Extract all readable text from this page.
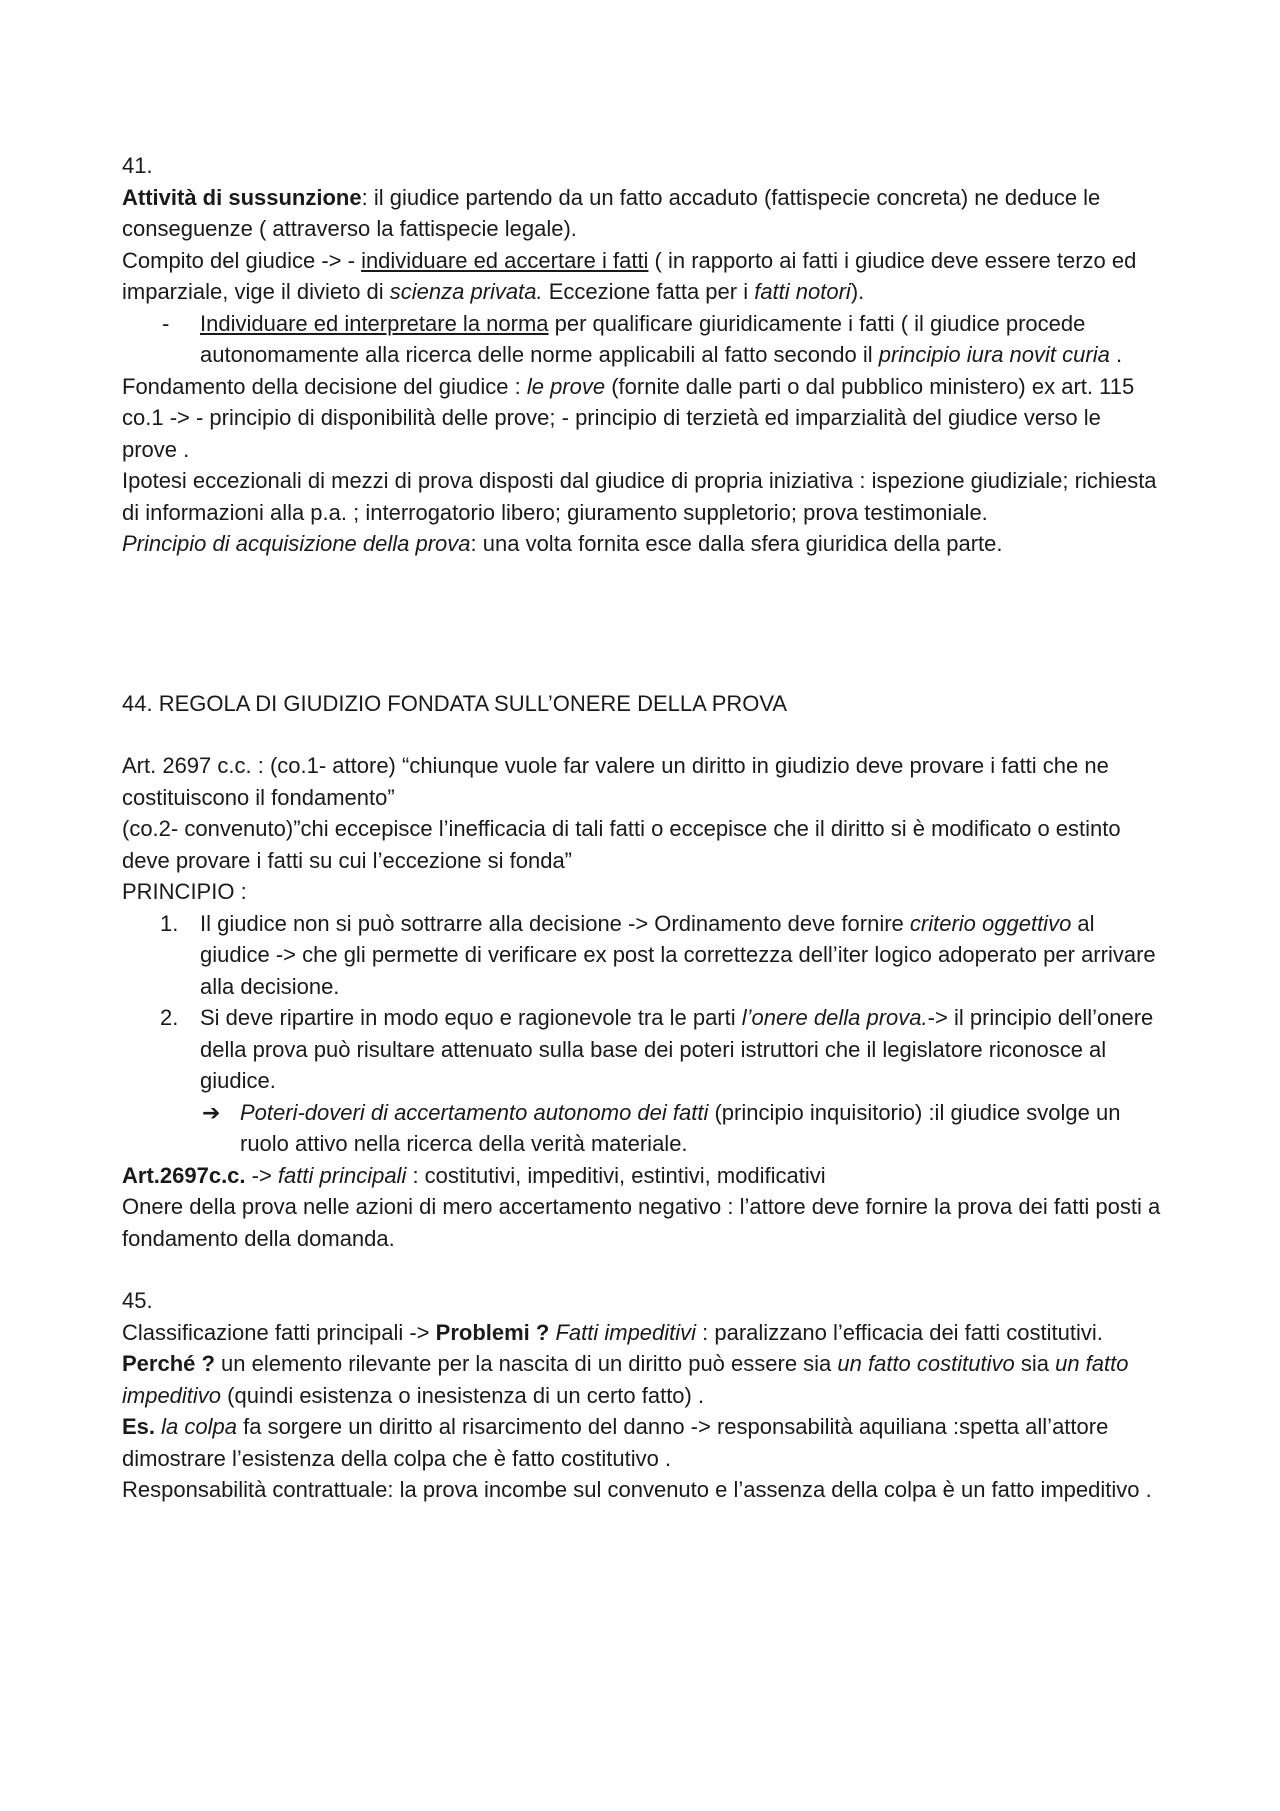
41.

Attività di sussunzione: il giudice partendo da un fatto accaduto (fattispecie concreta) ne deduce le conseguenze ( attraverso la fattispecie legale).

Compito del giudice -> - individuare ed accertare i fatti ( in rapporto ai fatti i giudice deve essere terzo ed imparziale, vige il divieto di scienza privata. Eccezione fatta per i fatti notori).

- Individuare ed interpretare la norma per qualificare giuridicamente i fatti ( il giudice procede autonomamente alla ricerca delle norme applicabili al fatto secondo il principio iura novit curia .

Fondamento della decisione del giudice : le prove (fornite dalle parti o dal pubblico ministero) ex art. 115 co.1 -> - principio di disponibilità delle prove; - principio di terzietà ed imparzialità del giudice verso le prove .

Ipotesi eccezionali di mezzi di prova disposti dal giudice di propria iniziativa : ispezione giudiziale; richiesta di informazioni alla p.a. ; interrogatorio libero; giuramento suppletorio; prova testimoniale.

Principio di acquisizione della prova: una volta fornita esce dalla sfera giuridica della parte.

44. REGOLA DI GIUDIZIO FONDATA SULL’ONERE DELLA PROVA

Art. 2697 c.c. : (co.1- attore) “chiunque vuole far valere un diritto in giudizio deve provare i fatti che ne costituiscono il fondamento”

(co.2- convenuto)”chi eccepisce l’inefficacia di tali fatti o eccepisce che il diritto si è modificato o estinto deve provare i fatti su cui l’eccezione si fonda”

PRINCIPIO :

1. Il giudice non si può sottrarre alla decisione -> Ordinamento deve fornire criterio oggettivo al giudice -> che gli permette di verificare ex post la correttezza dell’iter logico adoperato per arrivare alla decisione.

2. Si deve ripartire in modo equo e ragionevole tra le parti l’onere della prova.-> il principio dell’onere della prova può risultare attenuato sulla base dei poteri istruttori che il legislatore riconosce al giudice.

➔ Poteri-doveri di accertamento autonomo dei fatti (principio inquisitorio) :il giudice svolge un ruolo attivo nella ricerca della verità materiale.

Art.2697c.c. -> fatti principali : costitutivi, impeditivi, estintivi, modificativi

Onere della prova nelle azioni di mero accertamento negativo : l’attore deve fornire la prova dei fatti posti a fondamento della domanda.

45.

Classificazione fatti principali -> Problemi ? Fatti impeditivi : paralizzano l’efficacia dei fatti costitutivi.

Perché ? un elemento rilevante per la nascita di un diritto può essere sia un fatto costitutivo sia un fatto impeditivo (quindi esistenza o inesistenza di un certo fatto) .

Es. la colpa fa sorgere un diritto al risarcimento del danno -> responsabilità aquiliana :spetta all’attore dimostrare l’esistenza della colpa che è fatto costitutivo .

Responsabilità contrattuale: la prova incombe sul convenuto e l’assenza della colpa è un fatto impeditivo .
